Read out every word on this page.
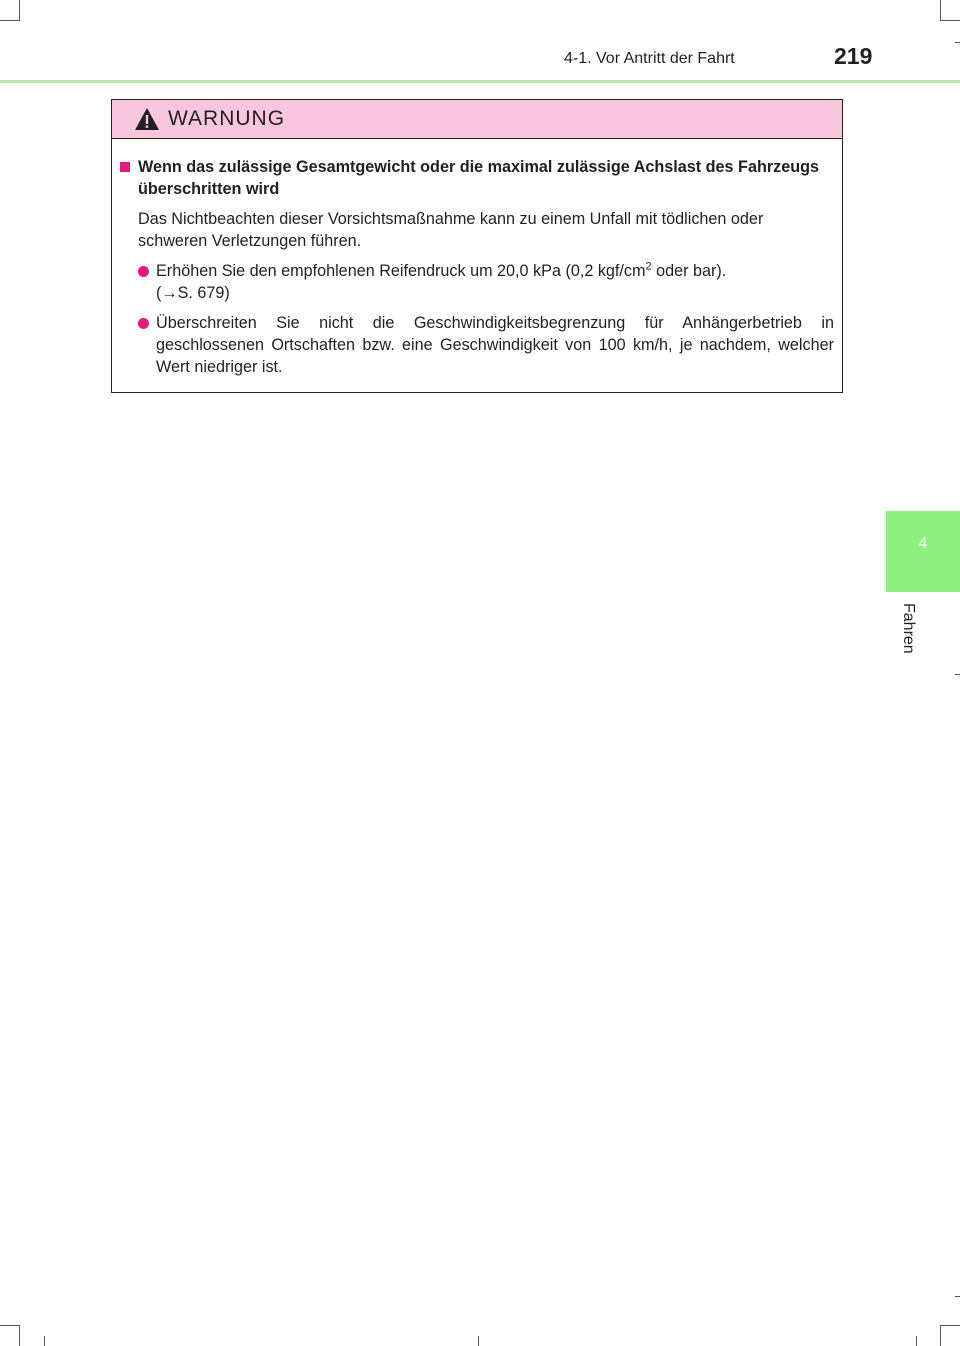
4-1. Vor Antritt der Fahrt	219
4
Fahren
WARNUNG
Wenn das zulässige Gesamtgewicht oder die maximal zulässige Achslast des Fahrzeugs überschritten wird
Das Nichtbeachten dieser Vorsichtsmaßnahme kann zu einem Unfall mit tödlichen oder schweren Verletzungen führen.
Erhöhen Sie den empfohlenen Reifendruck um 20,0 kPa (0,2 kgf/$cm^2$ oder bar).
(→S. 679)
Überschreiten Sie nicht die Geschwindigkeitsbegrenzung für Anhängerbetrieb in geschlossenen Ortschaften bzw. eine Geschwindigkeit von 100 km/h, je nachdem, welcher Wert niedriger ist.
